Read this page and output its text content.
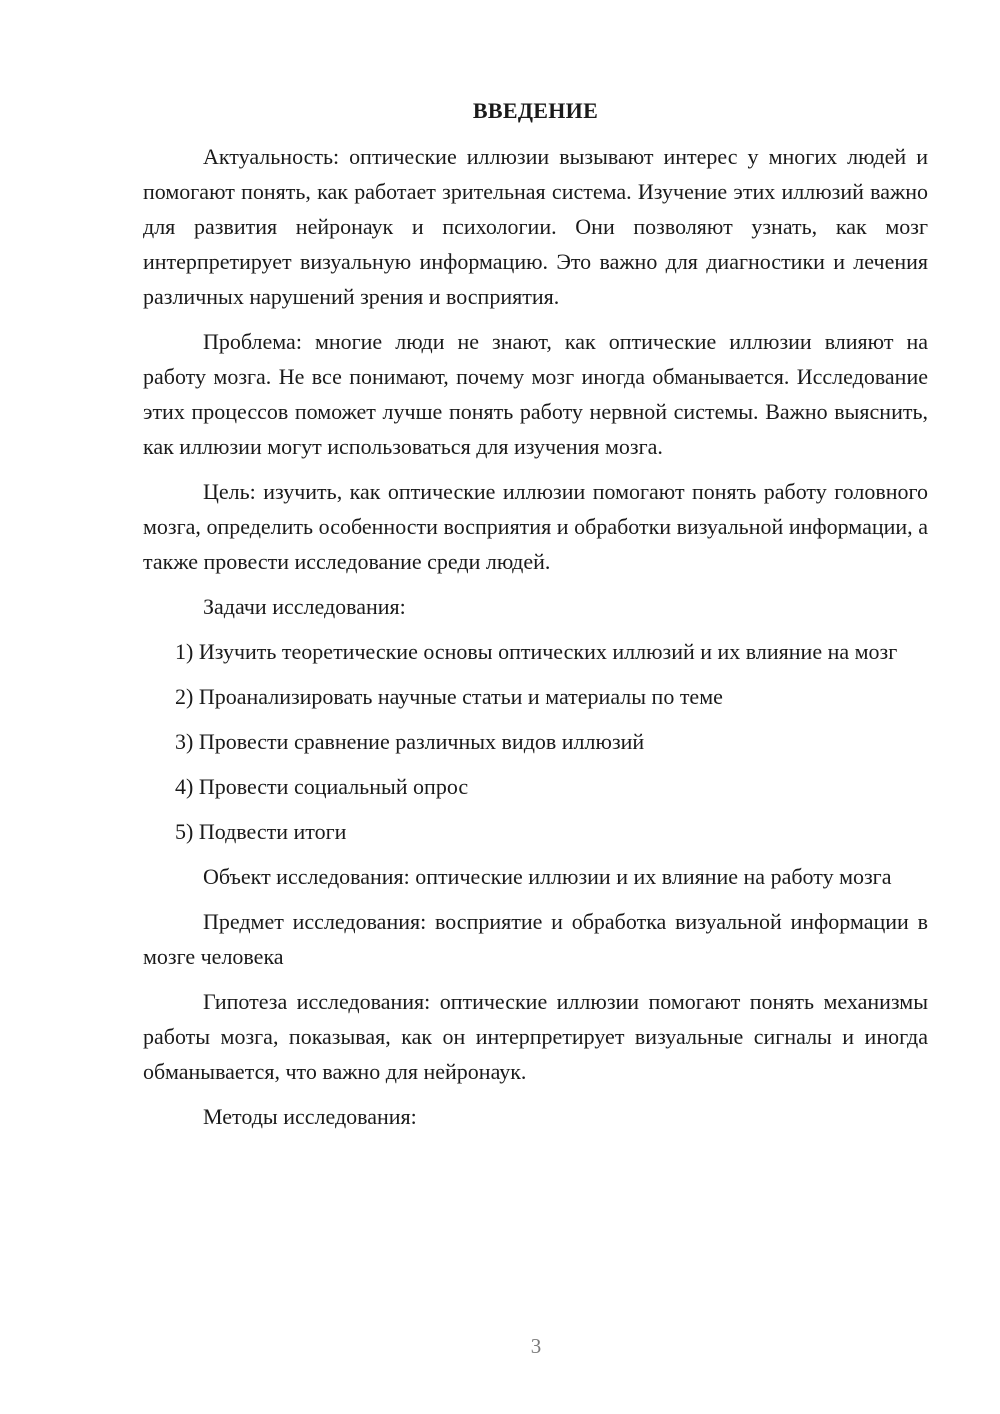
ВВЕДЕНИЕ

Актуальность: оптические иллюзии вызывают интерес у многих людей и помогают понять, как работает зрительная система. Изучение этих иллюзий важно для развития нейронаук и психологии. Они позволяют узнать, как мозг интерпретирует визуальную информацию. Это важно для диагностики и лечения различных нарушений зрения и восприятия.

Проблема: многие люди не знают, как оптические иллюзии влияют на работу мозга. Не все понимают, почему мозг иногда обманывается. Исследование этих процессов поможет лучше понять работу нервной системы. Важно выяснить, как иллюзии могут использоваться для изучения мозга.

Цель: изучить, как оптические иллюзии помогают понять работу головного мозга, определить особенности восприятия и обработки визуальной информации, а также провести исследование среди людей.

Задачи исследования:

1) Изучить теоретические основы оптических иллюзий и их влияние на мозг

2) Проанализировать научные статьи и материалы по теме

3) Провести сравнение различных видов иллюзий

4) Провести социальный опрос

5) Подвести итоги

Объект исследования: оптические иллюзии и их влияние на работу мозга

Предмет исследования: восприятие и обработка визуальной информации в мозге человека

Гипотеза исследования: оптические иллюзии помогают понять механизмы работы мозга, показывая, как он интерпретирует визуальные сигналы и иногда обманывается, что важно для нейронаук.

Методы исследования:

3
